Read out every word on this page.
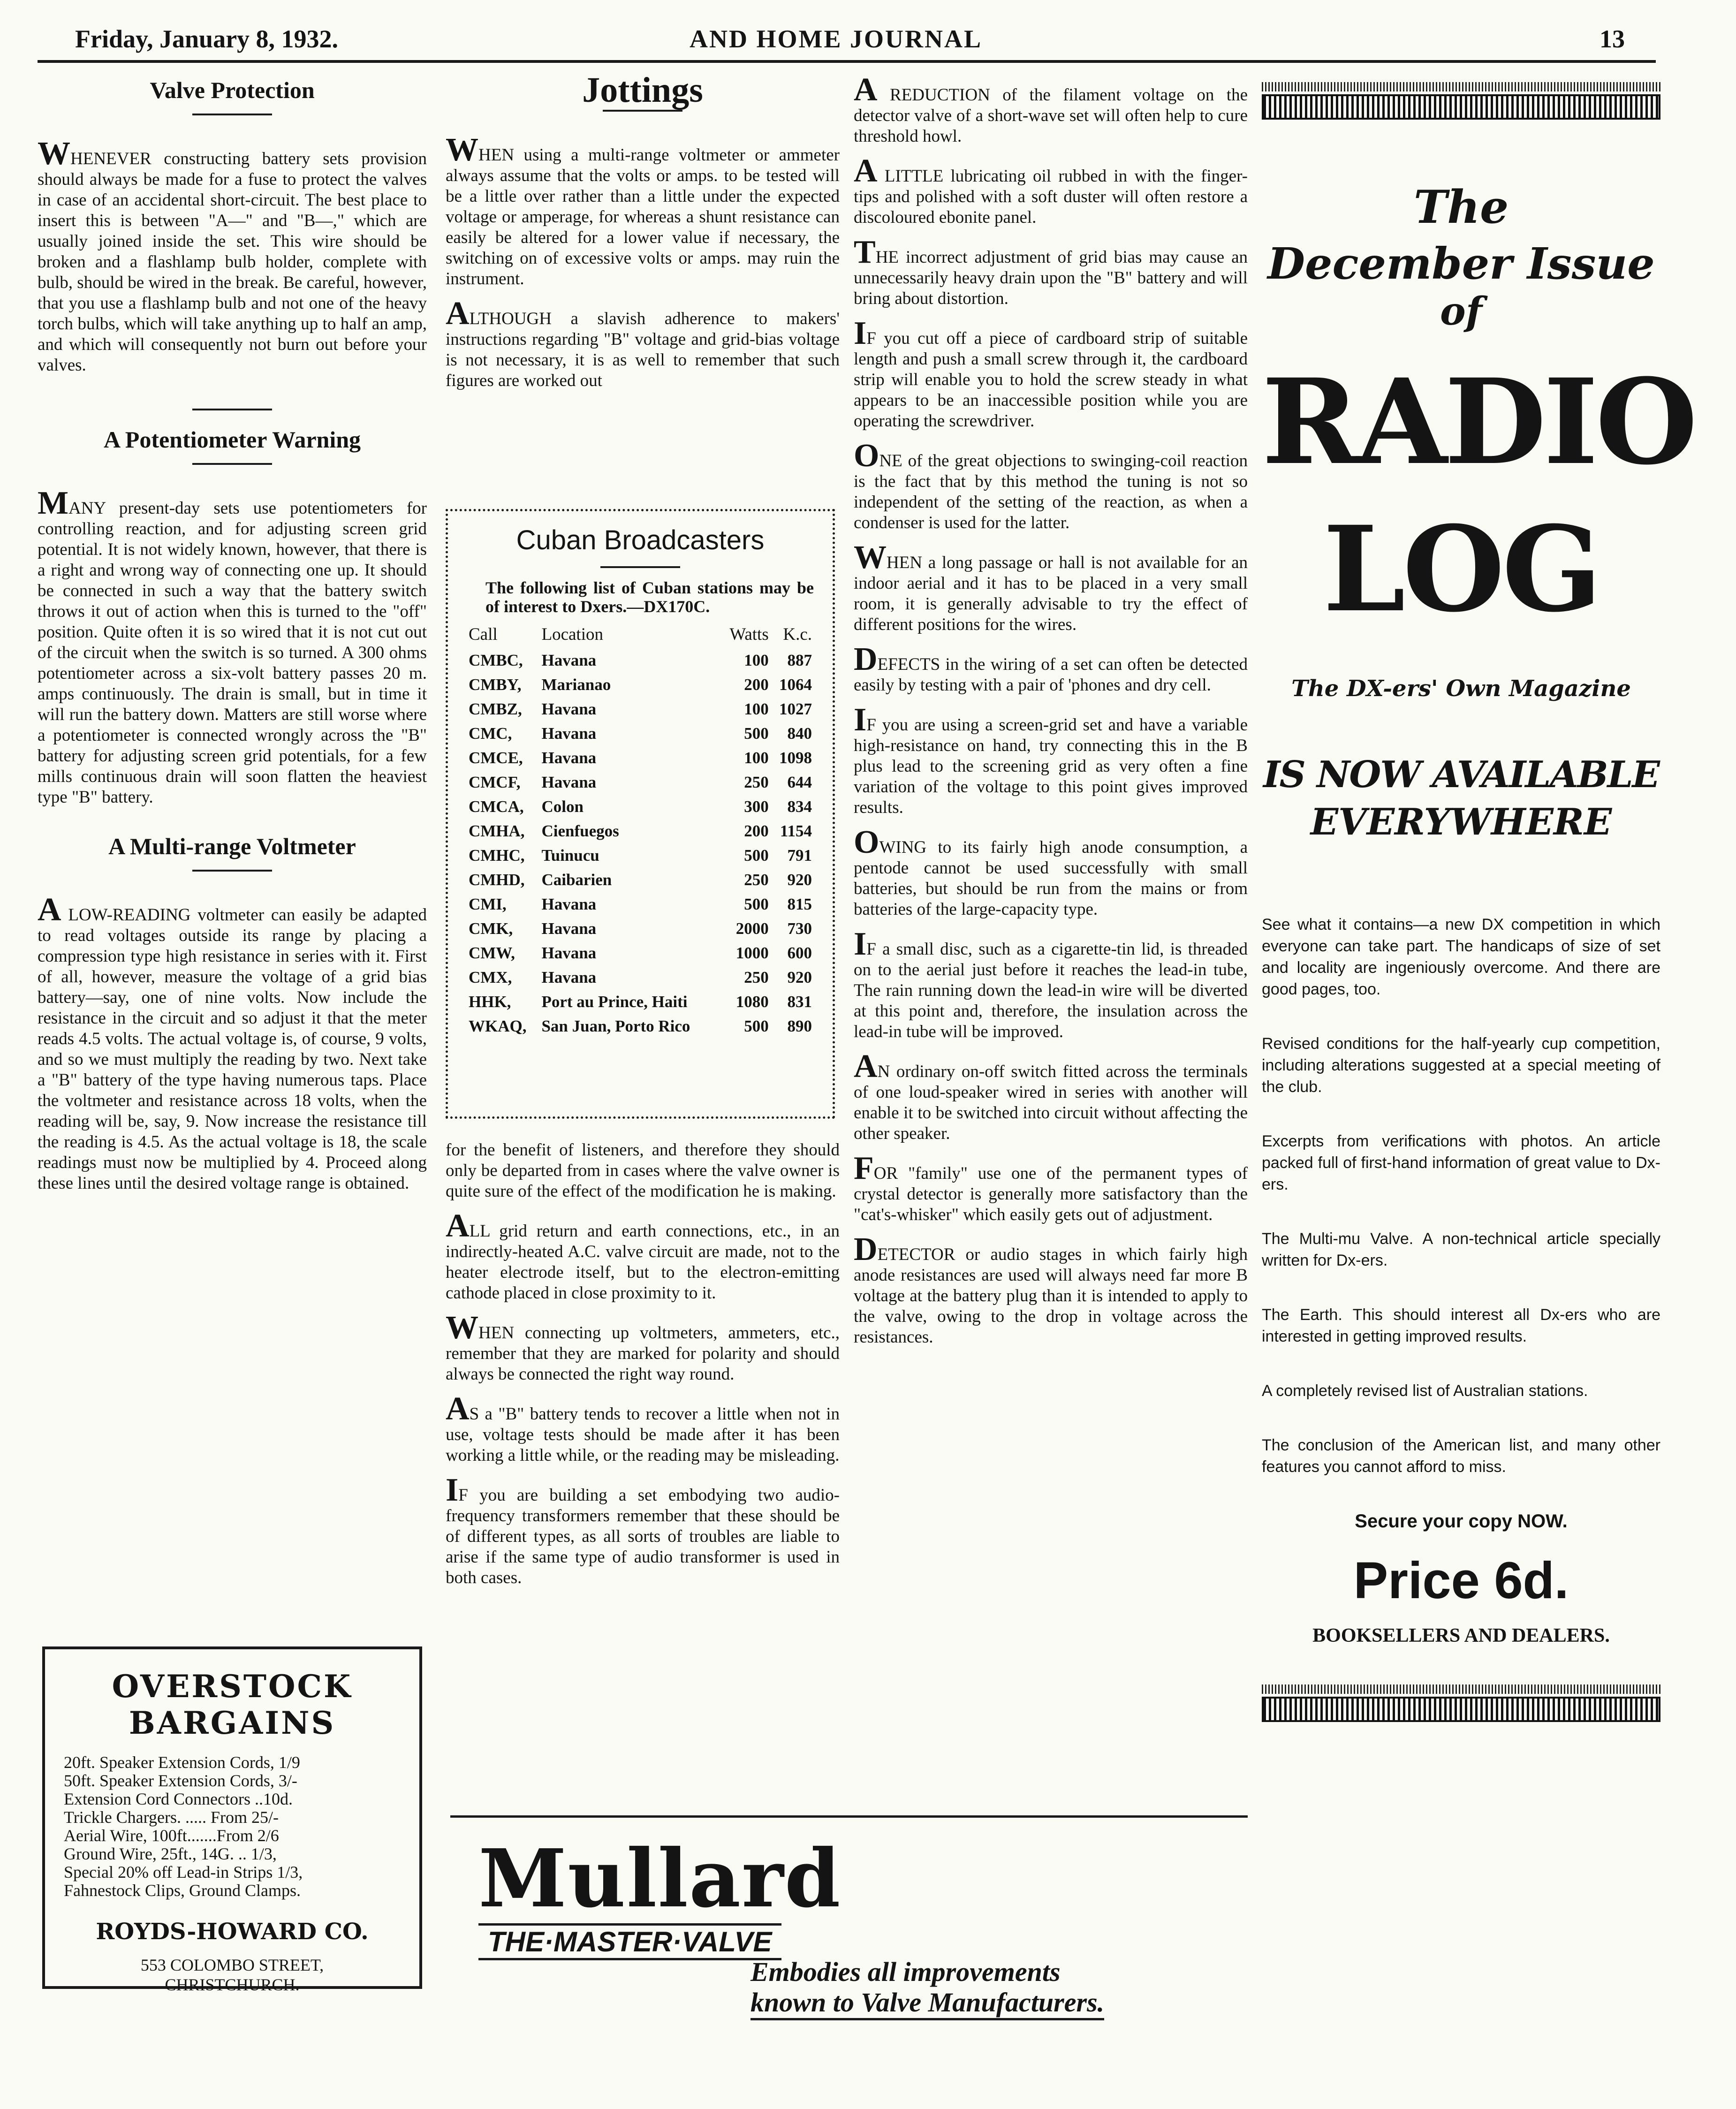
Friday, January 8, 1932.	AND HOME JOURNAL	13
Valve Protection

WHENEVER constructing battery sets provision should always be made for a fuse to protect the valves in case of an accidental short-circuit. The best place to insert this is between "A—" and "B—," which are usually joined inside the set. This wire should be broken and a flashlamp bulb holder, complete with bulb, should be wired in the break. Be careful, however, that you use a flashlamp bulb and not one of the heavy torch bulbs, which will take anything up to half an amp, and which will consequently not burn out before your valves.

A Potentiometer Warning

MANY present-day sets use potentiometers for controlling reaction, and for adjusting screen grid potential. It is not widely known, however, that there is a right and wrong way of connecting one up. It should be connected in such a way that the battery switch throws it out of action when this is turned to the "off" position. Quite often it is so wired that it is not cut out of the circuit when the switch is so turned. A 300 ohms potentiometer across a six-volt battery passes 20 m. amps continuously. The drain is small, but in time it will run the battery down. Matters are still worse where a potentiometer is connected wrongly across the "B" battery for adjusting screen grid potentials, for a few mills continuous drain will soon flatten the heaviest type "B" battery.

A Multi-range Voltmeter

A LOW-READING voltmeter can easily be adapted to read voltages outside its range by placing a compression type high resistance in series with it. First of all, however, measure the voltage of a grid bias battery—say, one of nine volts. Now include the resistance in the circuit and so adjust it that the meter reads 4.5 volts. The actual voltage is, of course, 9 volts, and so we must multiply the reading by two. Next take a "B" battery of the type having numerous taps. Place the voltmeter and resistance across 18 volts, when the reading will be, say, 9. Now increase the resistance till the reading is 4.5. As the actual voltage is 18, the scale readings must now be multiplied by 4. Proceed along these lines until the desired voltage range is obtained.

OVERSTOCK
BARGAINS
20ft. Speaker Extension Cords, 1/9
50ft. Speaker Extension Cords, 3/-
Extension Cord Connectors ..10d.
Trickle Chargers. ..... From 25/-
Aerial Wire, 100ft.......From 2/6
Ground Wire, 25ft., 14G. .. 1/3,
Special 20% off Lead-in Strips 1/3,
Fahnestock Clips, Ground Clamps.
ROYDS-HOWARD CO.
553 COLOMBO STREET,
CHRISTCHURCH.
Jottings

WHEN using a multi-range voltmeter or ammeter always assume that the volts or amps. to be tested will be a little over rather than a little under the expected voltage or amperage, for whereas a shunt resistance can easily be altered for a lower value if necessary, the switching on of excessive volts or amps. may ruin the instrument.

ALTHOUGH a slavish adherence to makers' instructions regarding "B" voltage and grid-bias voltage is not necessary, it is as well to remember that such figures are worked out

Cuban Broadcasters
The following list of Cuban stations may be of interest to Dxers.—DX170C.
Call	Location	Watts	K.c.
CMBC,	Havana	100	887
CMBY,	Marianao	200	1064
CMBZ,	Havana	100	1027
CMC,	Havana	500	840
CMCE,	Havana	100	1098
CMCF,	Havana	250	644
CMCA,	Colon	300	834
CMHA,	Cienfuegos	200	1154
CMHC,	Tuinucu	500	791
CMHD,	Caibarien	250	920
CMI,	Havana	500	815
CMK,	Havana	2000	730
CMW,	Havana	1000	600
CMX,	Havana	250	920
HHK,	Port au Prince, Haiti	1080	831
WKAQ,	San Juan, Porto Rico	500	890

for the benefit of listeners, and therefore they should only be departed from in cases where the valve owner is quite sure of the effect of the modification he is making.

ALL grid return and earth connections, etc., in an indirectly-heated A.C. valve circuit are made, not to the heater electrode itself, but to the electron-emitting cathode placed in close proximity to it.

WHEN connecting up voltmeters, ammeters, etc., remember that they are marked for polarity and should always be connected the right way round.

AS a "B" battery tends to recover a little when not in use, voltage tests should be made after it has been working a little while, or the reading may be misleading.

IF you are building a set embodying two audio-frequency transformers remember that these should be of different types, as all sorts of troubles are liable to arise if the same type of audio transformer is used in both cases.

A REDUCTION of the filament voltage on the detector valve of a short-wave set will often help to cure threshold howl.

A LITTLE lubricating oil rubbed in with the finger-tips and polished with a soft duster will often restore a discoloured ebonite panel.

THE incorrect adjustment of grid bias may cause an unnecessarily heavy drain upon the "B" battery and will bring about distortion.

IF you cut off a piece of cardboard strip of suitable length and push a small screw through it, the cardboard strip will enable you to hold the screw steady in what appears to be an inaccessible position while you are operating the screwdriver.

ONE of the great objections to swinging-coil reaction is the fact that by this method the tuning is not so independent of the setting of the reaction, as when a condenser is used for the latter.

WHEN a long passage or hall is not available for an indoor aerial and it has to be placed in a very small room, it is generally advisable to try the effect of different positions for the wires.

DEFECTS in the wiring of a set can often be detected easily by testing with a pair of 'phones and dry cell.

IF you are using a screen-grid set and have a variable high-resistance on hand, try connecting this in the B plus lead to the screening grid as very often a fine variation of the voltage to this point gives improved results.

OWING to its fairly high anode consumption, a pentode cannot be used successfully with small batteries, but should be run from the mains or from batteries of the large-capacity type.

IF a small disc, such as a cigarette-tin lid, is threaded on to the aerial just before it reaches the lead-in tube, The rain running down the lead-in wire will be diverted at this point and, therefore, the insulation across the lead-in tube will be improved.

AN ordinary on-off switch fitted across the terminals of one loud-speaker wired in series with another will enable it to be switched into circuit without affecting the other speaker.

FOR "family" use one of the permanent types of crystal detector is generally more satisfactory than the "cat's-whisker" which easily gets out of adjustment.

DETECTOR or audio stages in which fairly high anode resistances are used will always need far more B voltage at the battery plug than it is intended to apply to the valve, owing to the drop in voltage across the resistances.

Mullard
THE·MASTER·VALVE
Embodies all improvements
known to Valve Manufacturers.
The
December Issue
of
RADIO
LOG
The DX-ers' Own Magazine
IS NOW AVAILABLE
EVERYWHERE
See what it contains—a new DX competition in which everyone can take part. The handicaps of size of set and locality are ingeniously overcome. And there are good pages, too.
Revised conditions for the half-yearly cup competition, including alterations suggested at a special meeting of the club.
Excerpts from verifications with photos. An article packed full of first-hand information of great value to Dx-ers.
The Multi-mu Valve. A non-technical article specially written for Dx-ers.
The Earth. This should interest all Dx-ers who are interested in getting improved results.
A completely revised list of Australian stations.
The conclusion of the American list, and many other features you cannot afford to miss.
Secure your copy NOW.
Price 6d.
BOOKSELLERS AND DEALERS.
